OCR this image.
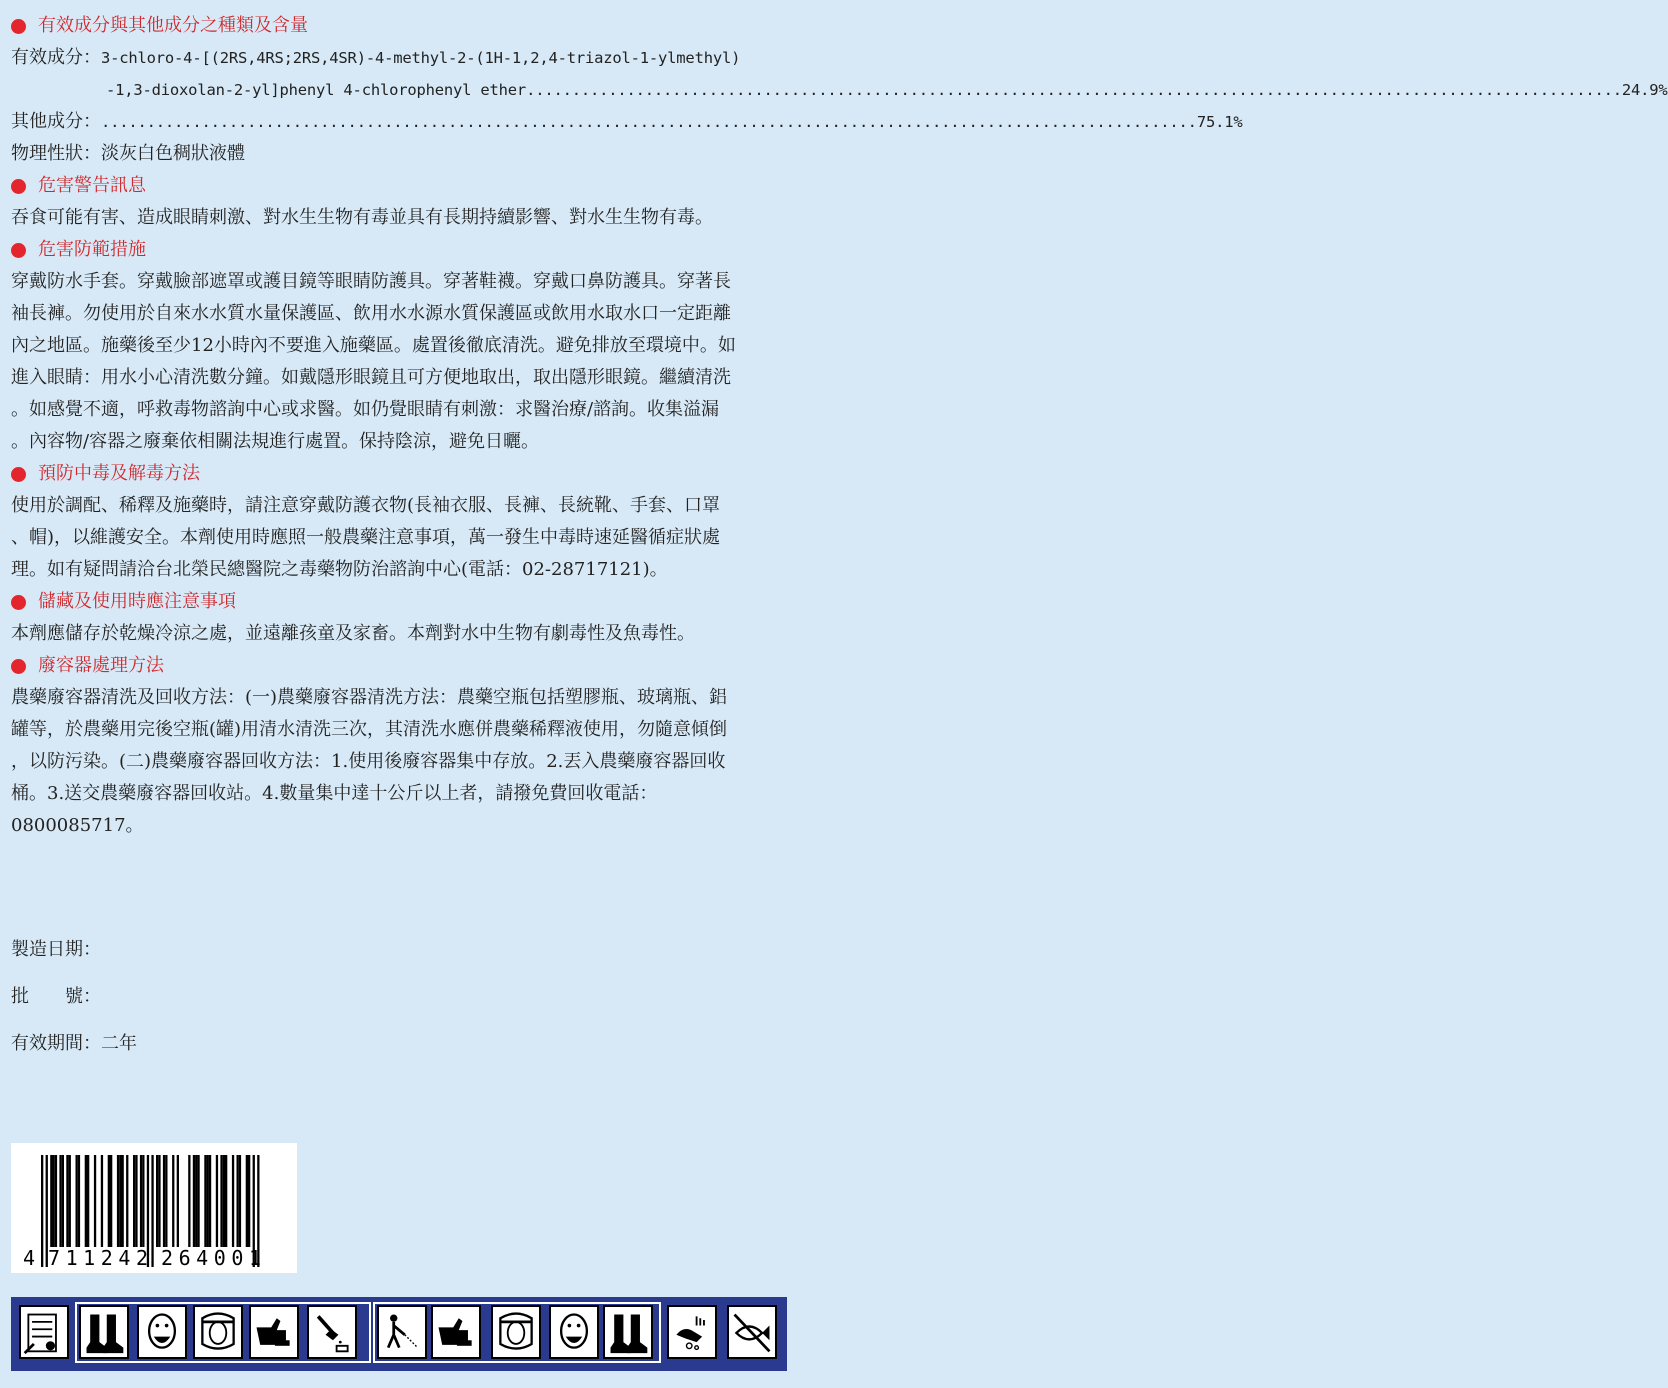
有效成分與其他成分之種類及含量
有效成分：3-chloro-4-[(2RS,4RS;2RS,4SR)-4-methyl-2-(1H-1,2,4-triazol-1-ylmethyl)
-1,3-dioxolan-2-yl]phenyl 4-chlorophenyl ether ........................................................................................................................ 24.9%
其他成分： ........................................................................................................................ 75.1%
物理性狀：淡灰白色稠狀液體
危害警告訊息
吞食可能有害、造成眼睛刺激、對水生生物有毒並具有長期持續影響、對水生生物有毒。
危害防範措施
穿戴防水手套。穿戴臉部遮罩或護目鏡等眼睛防護具。穿著鞋襪。穿戴口鼻防護具。穿著長
袖長褲。勿使用於自來水水質水量保護區、飲用水水源水質保護區或飲用水取水口一定距離
內之地區。施藥後至少12小時內不要進入施藥區。處置後徹底清洗。避免排放至環境中。如
進入眼睛：用水小心清洗數分鐘。如戴隱形眼鏡且可方便地取出，取出隱形眼鏡。繼續清洗
。如感覺不適，呼救毒物諮詢中心或求醫。如仍覺眼睛有刺激：求醫治療/諮詢。收集溢漏
。內容物/容器之廢棄依相關法規進行處置。保持陰涼，避免日曬。
預防中毒及解毒方法
使用於調配、稀釋及施藥時，請注意穿戴防護衣物(長袖衣服、長褲、長統靴、手套、口罩
、帽)，以維護安全。本劑使用時應照一般農藥注意事項，萬一發生中毒時速延醫循症狀處
理。如有疑問請洽台北榮民總醫院之毒藥物防治諮詢中心(電話：02-28717121)。
儲藏及使用時應注意事項
本劑應儲存於乾燥冷涼之處，並遠離孩童及家畜。本劑對水中生物有劇毒性及魚毒性。
廢容器處理方法
農藥廢容器清洗及回收方法：(一)農藥廢容器清洗方法：農藥空瓶包括塑膠瓶、玻璃瓶、鋁
罐等，於農藥用完後空瓶(罐)用清水清洗三次，其清洗水應併農藥稀釋液使用，勿隨意傾倒
，以防污染。(二)農藥廢容器回收方法：1.使用後廢容器集中存放。2.丟入農藥廢容器回收
桶。3.送交農藥廢容器回收站。4.數量集中達十公斤以上者，請撥免費回收電話：
0800085717。
製造日期：
批　　號：
有效期間：二年
4 711242 264001
